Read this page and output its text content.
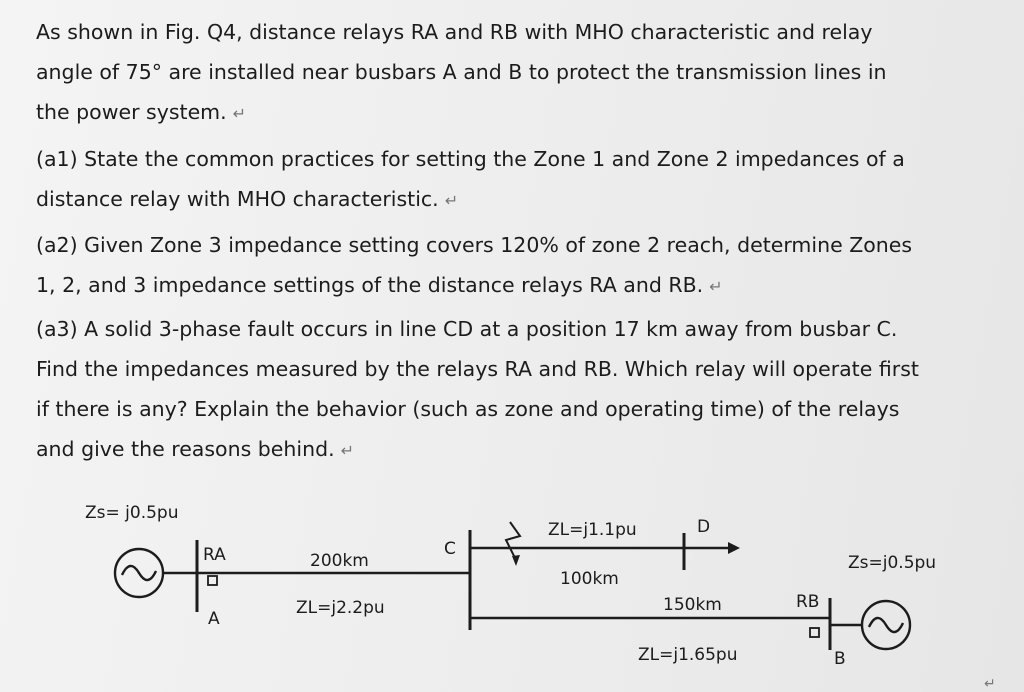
As shown in Fig. Q4, distance relays RA and RB with MHO characteristic and relay
angle of 75° are installed near busbars A and B to protect the transmission lines in
the power system. ↵
(a1) State the common practices for setting the Zone 1 and Zone 2 impedances of a
distance relay with MHO characteristic. ↵
(a2) Given Zone 3 impedance setting covers 120% of zone 2 reach, determine Zones
1, 2, and 3 impedance settings of the distance relays RA and RB. ↵
(a3) A solid 3-phase fault occurs in line CD at a position 17 km away from busbar C.
Find the impedances measured by the relays RA and RB. Which relay will operate first
if there is any? Explain the behavior (such as zone and operating time) of the relays
and give the reasons behind. ↵
Zs= j0.5pu
RA
A
200km
ZL=j2.2pu
C
ZL=j1.1pu	D
100km
150km
ZL=j1.65pu
Zs=j0.5pu
RB
B
↵
